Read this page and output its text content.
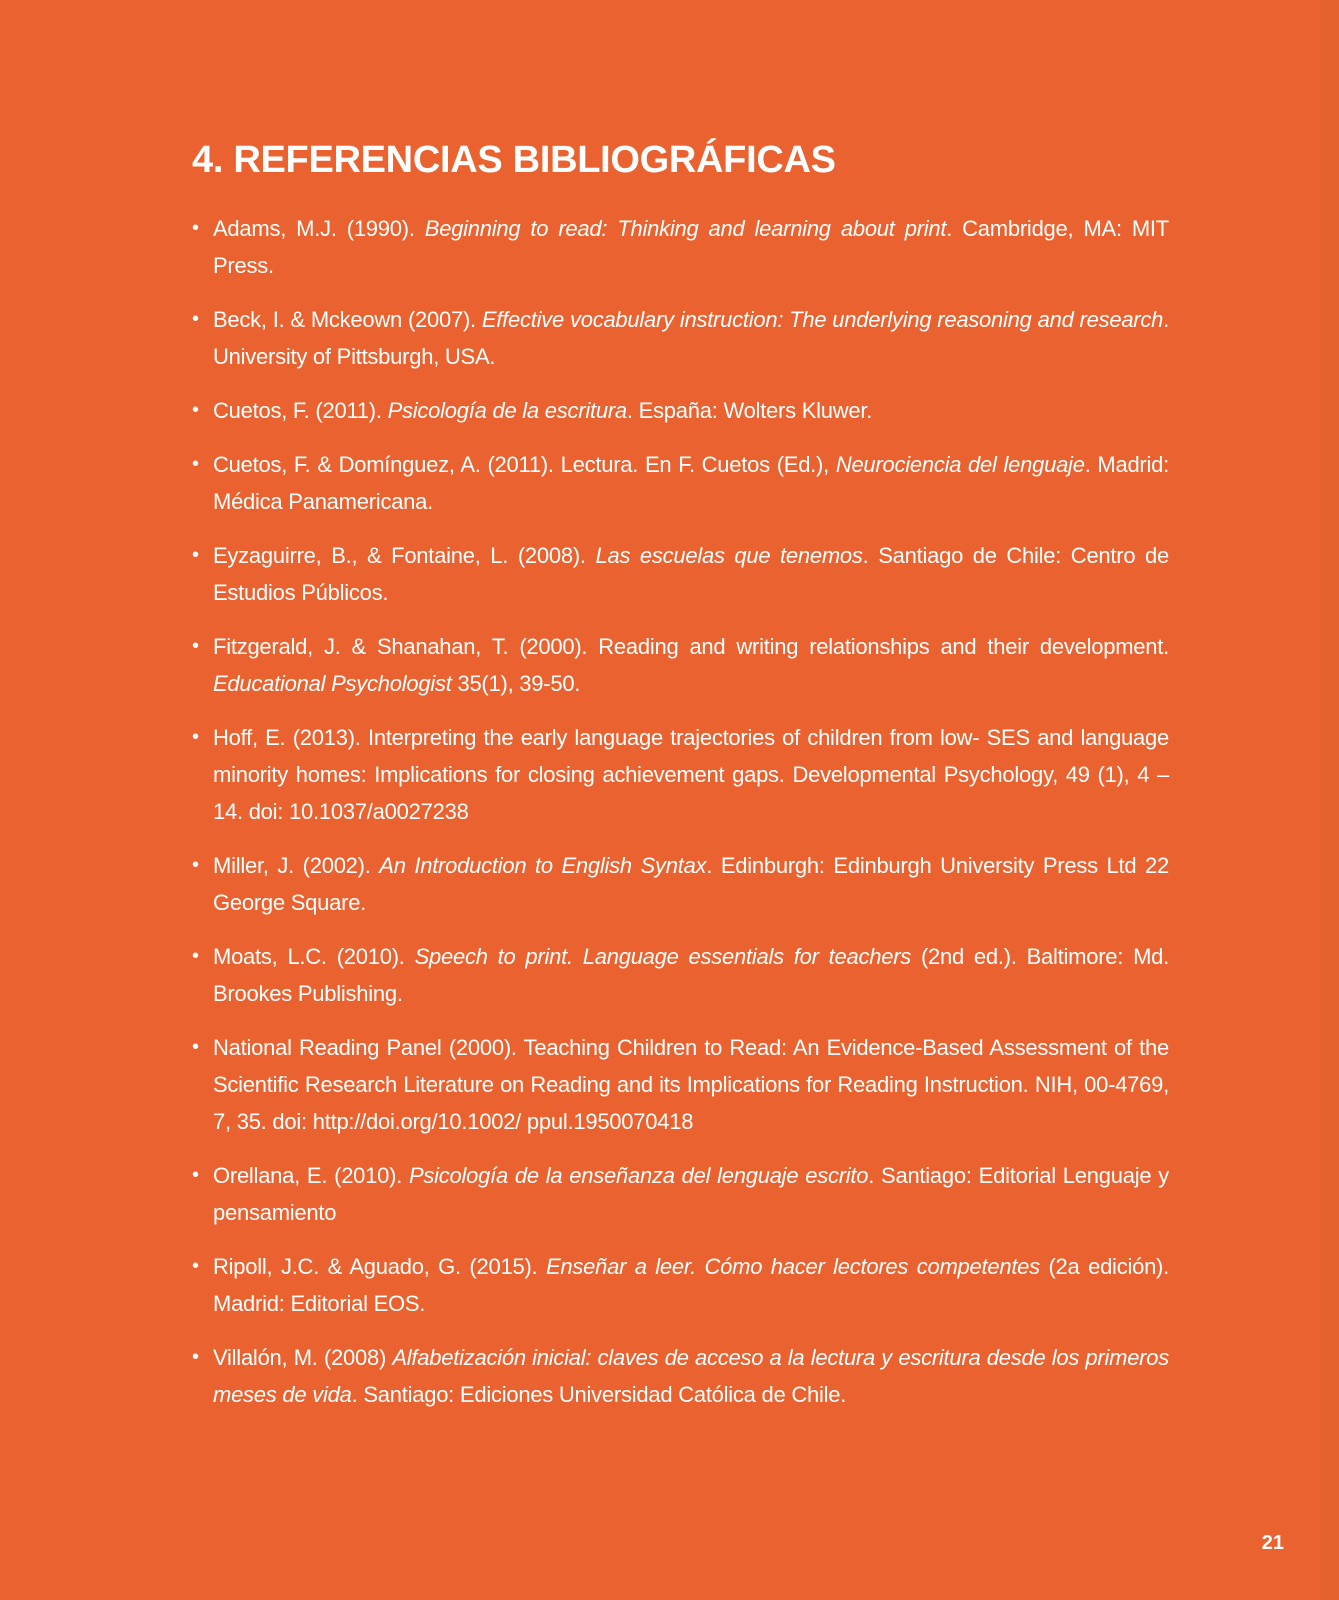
4. REFERENCIAS BIBLIOGRÁFICAS
• Adams, M.J. (1990). Beginning to read: Thinking and learning about print. Cambridge, MA: MIT Press.
• Beck, I. & Mckeown (2007). Effective vocabulary instruction: The underlying reasoning and research. University of Pittsburgh, USA.
• Cuetos, F. (2011). Psicología de la escritura. España: Wolters Kluwer.
• Cuetos, F. & Domínguez, A. (2011). Lectura. En F. Cuetos (Ed.), Neurociencia del lenguaje. Madrid: Médica Panamericana.
• Eyzaguirre, B., & Fontaine, L. (2008). Las escuelas que tenemos. Santiago de Chile: Centro de Estudios Públicos.
• Fitzgerald, J. & Shanahan, T. (2000). Reading and writing relationships and their development. Educational Psychologist 35(1), 39-50.
• Hoff, E. (2013). Interpreting the early language trajectories of children from low- SES and language minority homes: Implications for closing achievement gaps. Developmental Psychology, 49 (1), 4 – 14. doi: 10.1037/a0027238
• Miller, J. (2002). An Introduction to English Syntax. Edinburgh: Edinburgh University Press Ltd 22 George Square.
• Moats, L.C. (2010). Speech to print. Language essentials for teachers (2nd ed.). Baltimore: Md. Brookes Publishing.
• National Reading Panel (2000). Teaching Children to Read: An Evidence-Based Assessment of the Scientific Research Literature on Reading and its Implications for Reading Instruction. NIH, 00-4769, 7, 35. doi: http://doi.org/10.1002/ ppul.1950070418
• Orellana, E. (2010). Psicología de la enseñanza del lenguaje escrito. Santiago: Editorial Lenguaje y pensamiento
• Ripoll, J.C. & Aguado, G. (2015). Enseñar a leer. Cómo hacer lectores competentes (2a edición). Madrid: Editorial EOS.
• Villalón, M. (2008) Alfabetización inicial: claves de acceso a la lectura y escritura desde los primeros meses de vida. Santiago: Ediciones Universidad Católica de Chile.
21
